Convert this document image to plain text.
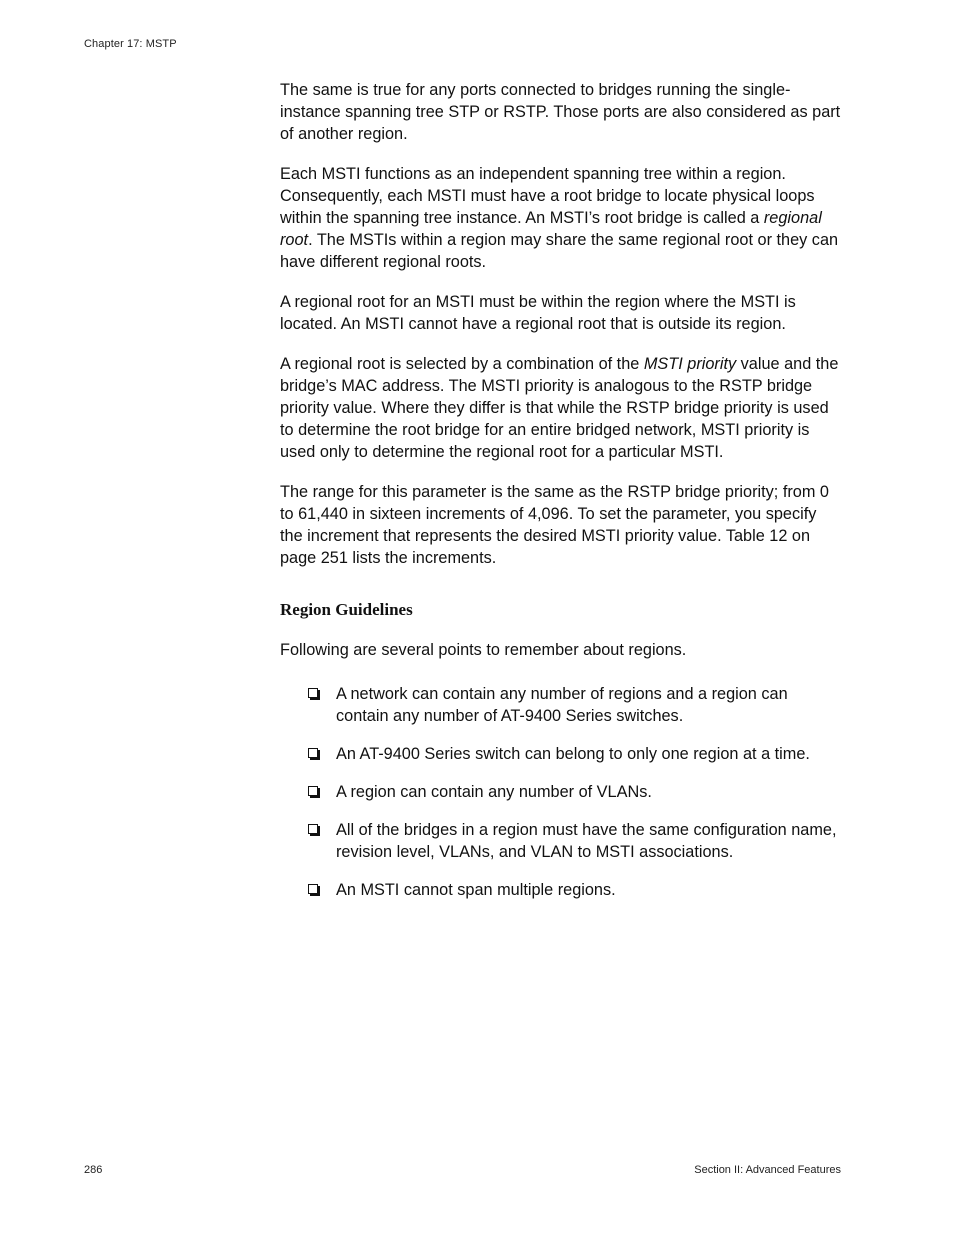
Chapter 17: MSTP

The same is true for any ports connected to bridges running the single-instance spanning tree STP or RSTP. Those ports are also considered as part of another region.

Each MSTI functions as an independent spanning tree within a region. Consequently, each MSTI must have a root bridge to locate physical loops within the spanning tree instance. An MSTI’s root bridge is called a regional root. The MSTIs within a region may share the same regional root or they can have different regional roots.

A regional root for an MSTI must be within the region where the MSTI is located. An MSTI cannot have a regional root that is outside its region.

A regional root is selected by a combination of the MSTI priority value and the bridge’s MAC address. The MSTI priority is analogous to the RSTP bridge priority value. Where they differ is that while the RSTP bridge priority is used to determine the root bridge for an entire bridged network, MSTI priority is used only to determine the regional root for a particular MSTI.

The range for this parameter is the same as the RSTP bridge priority; from 0 to 61,440 in sixteen increments of 4,096. To set the parameter, you specify the increment that represents the desired MSTI priority value. Table 12 on page 251 lists the increments.

Region Guidelines

Following are several points to remember about regions.

A network can contain any number of regions and a region can contain any number of AT-9400 Series switches.
An AT-9400 Series switch can belong to only one region at a time.
A region can contain any number of VLANs.
All of the bridges in a region must have the same configuration name, revision level, VLANs, and VLAN to MSTI associations.
An MSTI cannot span multiple regions.
286	Section II: Advanced Features
